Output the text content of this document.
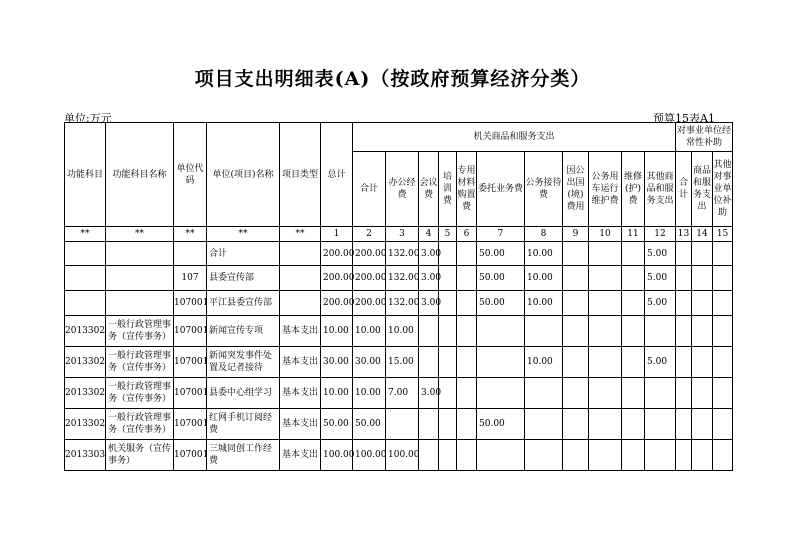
项目支出明细表(A)（按政府预算经济分类）
单位:万元	预算15表A1
功能科目	功能科目名称	单位代码	单位(项目)名称	项目类型	总计	机关商品和服务支出											对事业单位经常性补助		
						合计	办公经费	会议费	培训费	专用材料购置费	委托业务费	公务接待费	因公出国(境)费用	公务用车运行维护费	维修(护)费	其他商品和服务支出	合计	商品和服务支出	其他对事业单位补助
**	**	**	**	**	1	2	3	4	5	6	7	8	9	10	11	12	13	14	15
			合计		200.00	200.00	132.00	3.00			50.00	10.00				5.00			
		107	县委宣传部		200.00	200.00	132.00	3.00			50.00	10.00				5.00			
		107001	平江县委宣传部		200.00	200.00	132.00	3.00			50.00	10.00				5.00			
2013302	一般行政管理事务（宣传事务）	107001	新闻宣传专项	基本支出	10.00	10.00	10.00												
2013302	一般行政管理事务（宣传事务）	107001	新闻突发事件处置及记者接待	基本支出	30.00	30.00	15.00					10.00				5.00			
2013302	一般行政管理事务（宣传事务）	107001	县委中心组学习	基本支出	10.00	10.00	7.00	3.00											
2013302	一般行政管理事务（宣传事务）	107001	红网手机订阅经费	基本支出	50.00	50.00					50.00								
2013303	机关服务（宣传事务）	107001	三城同创工作经费	基本支出	100.00	100.00	100.00												
